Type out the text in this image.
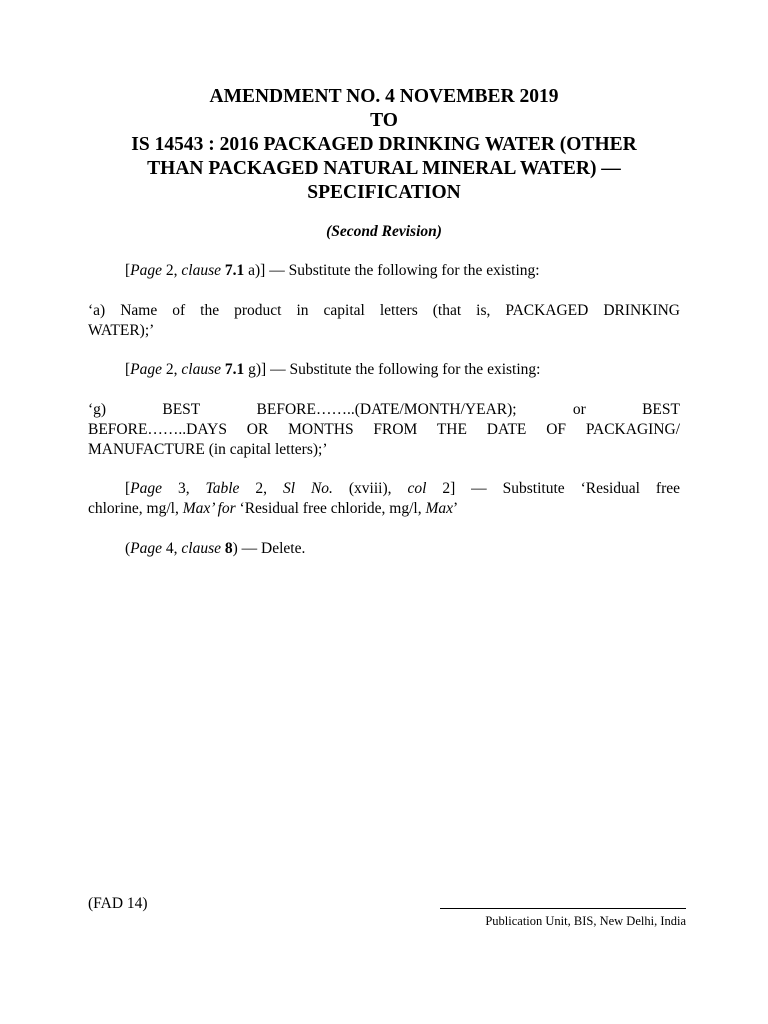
AMENDMENT NO. 4 NOVEMBER 2019
TO
IS 14543 : 2016 PACKAGED DRINKING WATER (OTHER
THAN PACKAGED NATURAL MINERAL WATER) —
SPECIFICATION
(Second Revision)
[Page 2, clause 7.1 a)] — Substitute the following for the existing:
‘a) Name of the product in capital letters (that is, PACKAGED DRINKING
WATER);’
[Page 2, clause 7.1 g)] — Substitute the following for the existing:
‘g)	BEST	BEFORE……..(DATE/MONTH/YEAR);	or	BEST
BEFORE……..DAYS OR MONTHS FROM THE DATE OF PACKAGING/
MANUFACTURE (in capital letters);’
[Page 3, Table 2, Sl No. (xviii), col 2] — Substitute ‘Residual free
chlorine, mg/l, Max’ for ‘Residual free chloride, mg/l, Max’
(Page 4, clause 8) — Delete.
(FAD 14)
Publication Unit, BIS, New Delhi, India
